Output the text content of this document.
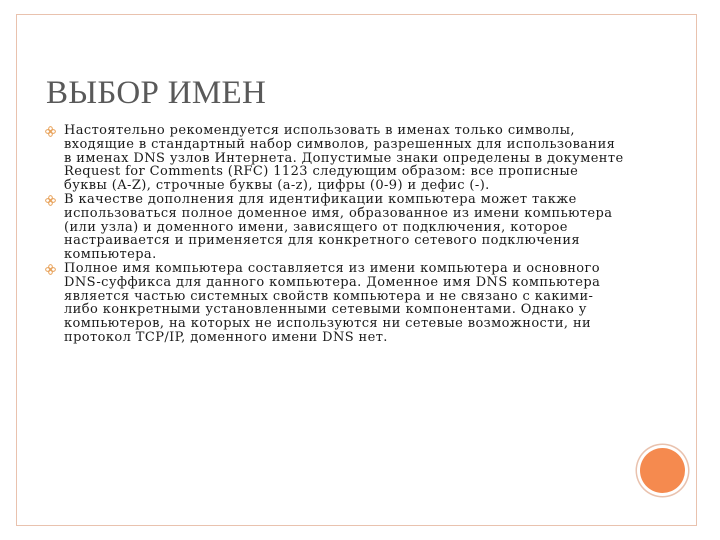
ВЫБОР ИМЕН
Настоятельно рекомендуется использовать в именах только символы, входящие в стандартный набор символов, разрешенных для использования в именах DNS узлов Интернета. Допустимые знаки определены в документе Request for Comments (RFC) 1123 следующим образом: все прописные буквы (A-Z), строчные буквы (a-z), цифры (0-9) и дефис (-).
В качестве дополнения для идентификации компьютера может также использоваться полное доменное имя, образованное из имени компьютера (или узла) и доменного имени, зависящего от подключения, которое настраивается и применяется для конкретного сетевого подключения компьютера.
Полное имя компьютера составляется из имени компьютера и основного DNS-суффикса для данного компьютера. Доменное имя DNS компьютера является частью системных свойств компьютера и не связано с какими-либо конкретными установленными сетевыми компонентами. Однако у компьютеров, на которых не используются ни сетевые возможности, ни протокол TCP/IP, доменного имени DNS нет.
